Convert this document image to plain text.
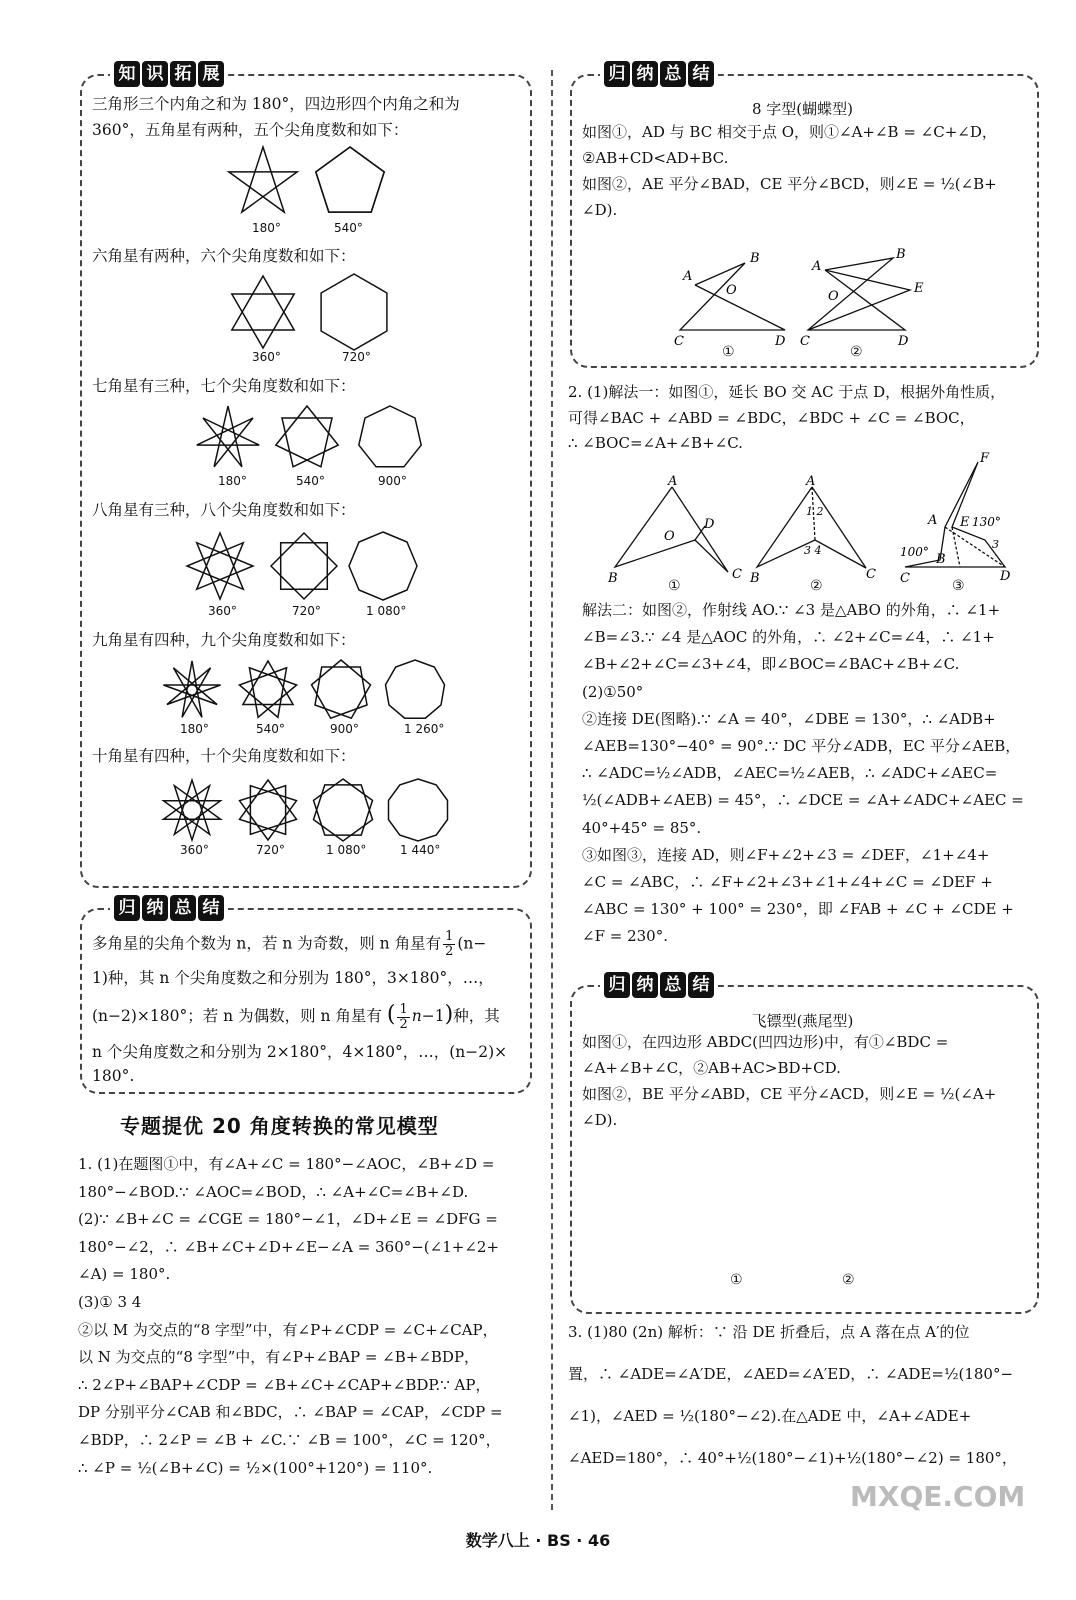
知 识 拓 展
三角形三个内角之和为 180°，四边形四个内角之和为
360°，五角星有两种，五个尖角度数和如下：
180°	540°
六角星有两种，六个尖角度数和如下：
360°	720°
七角星有三种，七个尖角度数和如下：
180°	540°	900°
八角星有三种，八个尖角度数和如下：
360°	720°	1 080°
九角星有四种，九个尖角度数和如下：
180°	540°	900°	1 260°
十角星有四种，十个尖角度数和如下：
360°	720°	1 080°	1 440°
归 纳 总 结
多角星的尖角个数为 n，若 n 为奇数，则 n 角星有 $\frac{1}{2} (n-$
1)种，其 n 个尖角度数之和分别为 180°，3×180°，…，
(n−2)×180°；若 n 为偶数，则 n 角星有 ( $\frac{1}{2} n-1$)种，其
n 个尖角度数之和分别为 2×180°，4×180°，…，(n−2)×
180°.
专题提优 20 角度转换的常见模型
1. (1)在题图①中，有∠A+∠C = 180°−∠AOC，∠B+∠D =
180°−∠BOD.∵ ∠AOC=∠BOD，∴ ∠A+∠C=∠B+∠D.
(2)∵ ∠B+∠C = ∠CGE = 180°−∠1，∠D+∠E = ∠DFG =
180°−∠2，∴ ∠B+∠C+∠D+∠E−∠A = 360°−(∠1+∠2+
∠A) = 180°.
(3)① 3 4
②以 M 为交点的“8 字型”中，有∠P+∠CDP = ∠C+∠CAP，
以 N 为交点的“8 字型”中，有∠P+∠BAP = ∠B+∠BDP，
∴ 2∠P+∠BAP+∠CDP = ∠B+∠C+∠CAP+∠BDP.∵ AP，
DP 分别平分∠CAB 和∠BDC，∴ ∠BAP = ∠CAP，∠CDP =
∠BDP，∴ 2∠P = ∠B + ∠C.∵ ∠B = 100°，∠C = 120°，
∴ ∠P = ½(∠B+∠C) = ½×(100°+120°) = 110°.
归 纳 总 结
8 字型(蝴蝶型)
如图①，AD 与 BC 相交于点 O，则①∠A+∠B = ∠C+∠D，
②AB+CD<AD+BC.
如图②，AE 平分∠BAD，CE 平分∠BCD，则∠E = ½(∠B+
∠D).
A
B
O
C	D
A
B
E
O
C	D
A
B	C
D
O
A
B	C
1 2
3 4
F
A E 130°
100°
C
B
D
3
①	②
2. (1)解法一：如图①，延长 BO 交 AC 于点 D，根据外角性质，
可得∠BAC + ∠ABD = ∠BDC，∠BDC + ∠C = ∠BOC，
∴ ∠BOC=∠A+∠B+∠C.
①	②	③
解法二：如图②，作射线 AO.∵ ∠3 是△ABO 的外角，∴ ∠1+
∠B=∠3.∵ ∠4 是△AOC 的外角，∴ ∠2+∠C=∠4，∴ ∠1+
∠B+∠2+∠C=∠3+∠4，即∠BOC=∠BAC+∠B+∠C.
(2)①50°
②连接 DE(图略).∵ ∠A = 40°，∠DBE = 130°，∴ ∠ADB+
∠AEB=130°−40° = 90°.∵ DC 平分∠ADB，EC 平分∠AEB，
∴ ∠ADC=½∠ADB，∠AEC=½∠AEB，∴ ∠ADC+∠AEC=
½(∠ADB+∠AEB) = 45°，∴ ∠DCE = ∠A+∠ADC+∠AEC =
40°+45° = 85°.
③如图③，连接 AD，则∠F+∠2+∠3 = ∠DEF，∠1+∠4+
∠C = ∠ABC，∴ ∠F+∠2+∠3+∠1+∠4+∠C = ∠DEF +
∠ABC = 130° + 100° = 230°，即 ∠FAB + ∠C + ∠CDE +
∠F = 230°.
归 纳 总 结
飞镖型(燕尾型)
如图①，在四边形 ABDC(凹四边形)中，有①∠BDC =
∠A+∠B+∠C，②AB+AC>BD+CD.
如图②，BE 平分∠ABD，CE 平分∠ACD，则∠E = ½(∠A+
∠D).
①	②
3. (1)80 (2n) 解析：∵ 沿 DE 折叠后，点 A 落在点 A′的位
置，∴ ∠ADE=∠A′DE，∠AED=∠A′ED，∴ ∠ADE=½(180°−
∠1)，∠AED = ½(180°−∠2).在△ADE 中，∠A+∠ADE+
∠AED=180°，∴ 40°+½(180°−∠1)+½(180°−∠2) = 180°，
数学八上 · BS · 46
MXQE.COM
